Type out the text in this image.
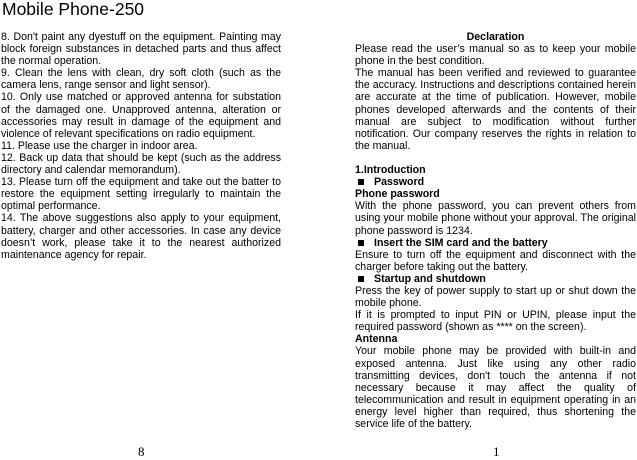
Mobile Phone-250

8. Don't paint any dyestuff on the equipment. Painting may block foreign substances in detached parts and thus affect the normal operation.

9. Clean the lens with clean, dry soft cloth (such as the camera lens, range sensor and light sensor).

10. Only use matched or approved antenna for substation of the damaged one. Unapproved antenna, alteration or accessories may result in damage of the equipment and violence of relevant specifications on radio equipment.

11. Please use the charger in indoor area.

12. Back up data that should be kept (such as the address directory and calendar memorandum).

13. Please turn off the equipment and take out the batter to restore the equipment setting irregularly to maintain the optimal performance.

14. The above suggestions also apply to your equipment, battery, charger and other accessories. In case any device doesn’t work, please take it to the nearest authorized maintenance agency for repair.

Declaration

Please read the user’s manual so as to keep your mobile phone in the best condition.

The manual has been verified and reviewed to guarantee the accuracy. Instructions and descriptions contained herein are accurate at the time of publication. However, mobile phones developed afterwards and the contents of their manual are subject to modification without further notification. Our company reserves the rights in relation to the manual.

1.Introduction

Password

Phone password

With the phone password, you can prevent others from using your mobile phone without your approval. The original phone password is 1234.

Insert the SIM card and the battery

Ensure to turn off the equipment and disconnect with the charger before taking out the battery.

Startup and shutdown

Press the key of power supply to start up or shut down the mobile phone.

If it is prompted to input PIN or UPIN, please input the required password (shown as **** on the screen).

Antenna

Your mobile phone may be provided with built-in and exposed antenna. Just like using any other radio transmitting devices, don't touch the antenna if not necessary because it may affect the quality of telecommunication and result in equipment operating in an energy level higher than required, thus shortening the service life of the battery.

8	1
